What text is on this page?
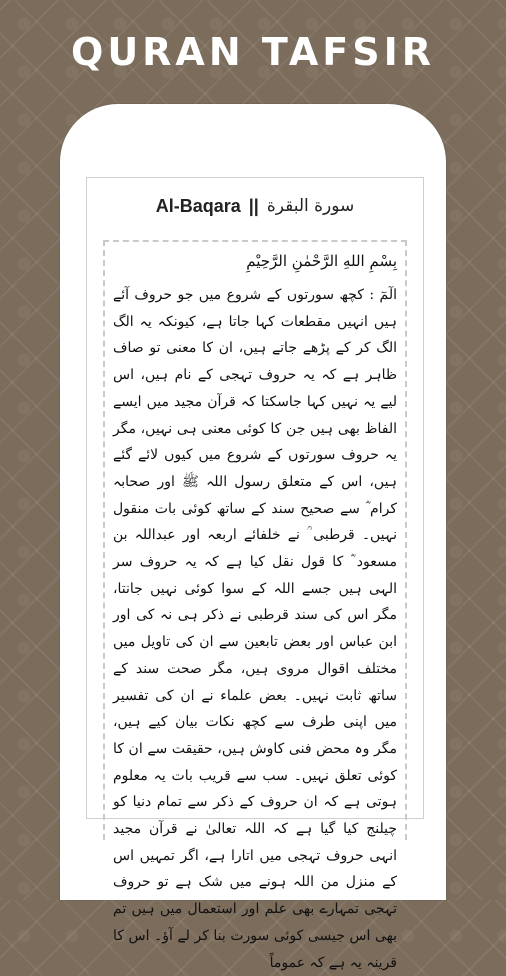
QURAN TAFSIR
Al-Baqara || سورة البقرة
بِسْمِ اللهِ الرَّحْمٰنِ الرَّحِيْمِ
الٓمٓ : کچھ سورتوں کے شروع میں جو حروف آئے ہیں انہیں مقطعات کہا جاتا ہے، کیونکہ یہ الگ الگ کر کے پڑھے جاتے ہیں، ان کا معنی تو صاف ظاہر ہے کہ یہ حروف تہجی کے نام ہیں، اس لیے یہ نہیں کہا جاسکتا کہ قرآن مجید میں ایسے الفاظ بھی ہیں جن کا کوئی معنی ہی نہیں، مگر یہ حروف سورتوں کے شروع میں کیوں لائے گئے ہیں، اس کے متعلق رسول اللہ ﷺ اور صحابہ کرام ؓ سے صحیح سند کے ساتھ کوئی بات منقول نہیں۔ قرطبی ؒ نے خلفائے اربعہ اور عبداللہ بن مسعود ؓ کا قول نقل کیا ہے کہ یہ حروف سر الہی ہیں جسے اللہ کے سوا کوئی نہیں جانتا، مگر اس کی سند قرطبی نے ذکر ہی نہ کی اور ابن عباس اور بعض تابعین سے ان کی تاویل میں مختلف اقوال مروی ہیں، مگر صحت سند کے ساتھ ثابت نہیں۔ بعض علماء نے ان کی تفسیر میں اپنی طرف سے کچھ نکات بیان کیے ہیں، مگر وہ محض فنی کاوش ہیں، حقیقت سے ان کا کوئی تعلق نہیں۔ سب سے قریب بات یہ معلوم ہوتی ہے کہ ان حروف کے ذکر سے تمام دنیا کو چیلنج کیا گیا ہے کہ اللہ تعالیٰ نے قرآن مجید انہی حروف تہجی میں اتارا ہے، اگر تمہیں اس کے منزل من اللہ ہونے میں شک ہے تو حروف تہجی تمہارے بھی علم اور استعمال میں ہیں تم بھی اس جیسی کوئی سورت بنا کر لے آؤ۔ اس کا قرینہ یہ ہے کہ عموماً
